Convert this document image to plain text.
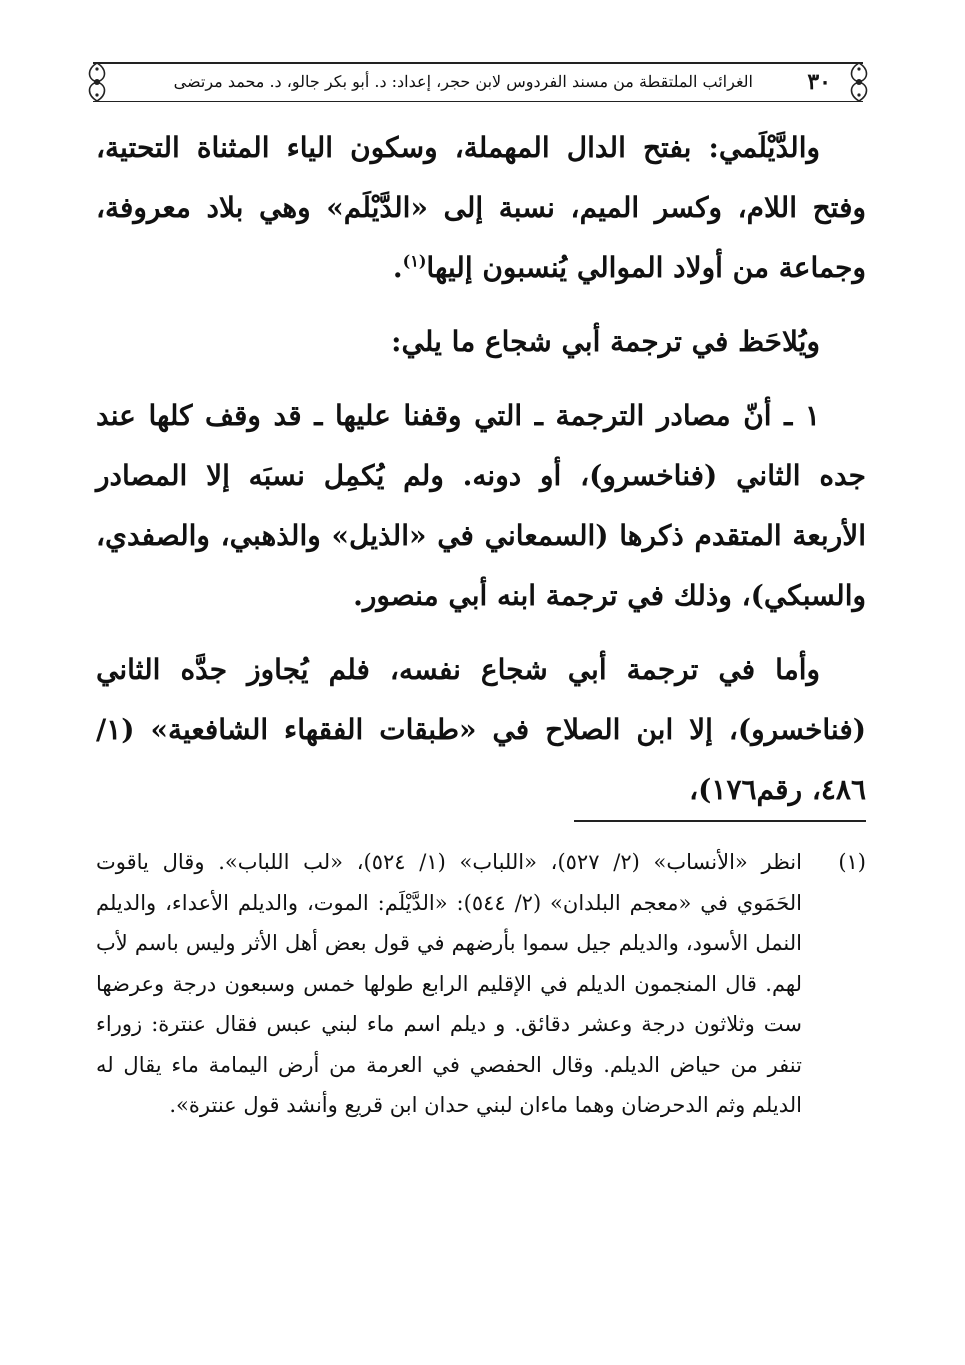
٣٠
الغرائب الملتقطة من مسند الفردوس لابن حجر، إعداد: د. أبو بكر جالو، د. محمد مرتضى

والدَّيْلَمي: بفتح الدال المهملة، وسكون الياء المثناة التحتية، وفتح اللام، وكسر الميم، نسبة إلى «الدَّيْلَم» وهي بلاد معروفة، وجماعة من أولاد الموالي يُنسبون إليها$^{(١)}$.

ويُلاحَظ في ترجمة أبي شجاع ما يلي:

١ ـ أنّ مصادر الترجمة ـ التي وقفنا عليها ـ قد وقف كلها عند جده الثاني (فناخسرو)، أو دونه. ولم يُكمِل نسبَه إلا المصادر الأربعة المتقدم ذكرها (السمعاني في «الذيل» والذهبي، والصفدي، والسبكي)، وذلك في ترجمة ابنه أبي منصور.

وأما في ترجمة أبي شجاع نفسه، فلم يُجاوز جدَّه الثاني (فناخسرو)، إلا ابن الصلاح في «طبقات الفقهاء الشافعية» (١/ ٤٨٦، رقم١٧٦)،

(١)

انظر «الأنساب» (٢/ ٥٢٧)، «اللباب» (١/ ٥٢٤)، «لب اللباب». وقال ياقوت الحَمَوي في «معجم البلدان» (٢/ ٥٤٤): «الدَّيْلَم: الموت، والديلم الأعداء، والديلم النمل الأسود، والديلم جيل سموا بأرضهم في قول بعض أهل الأثر وليس باسم لأب لهم. قال المنجمون الديلم في الإقليم الرابع طولها خمس وسبعون درجة وعرضها ست وثلاثون درجة وعشر دقائق. و ديلم اسم ماء لبني عبس فقال عنترة: زوراء تنفر من حياض الديلم. وقال الحفصي في العرمة من أرض اليمامة ماء يقال له الديلم وثم الدحرضان وهما ماءان لبني حدان ابن قريع وأنشد قول عنترة».
